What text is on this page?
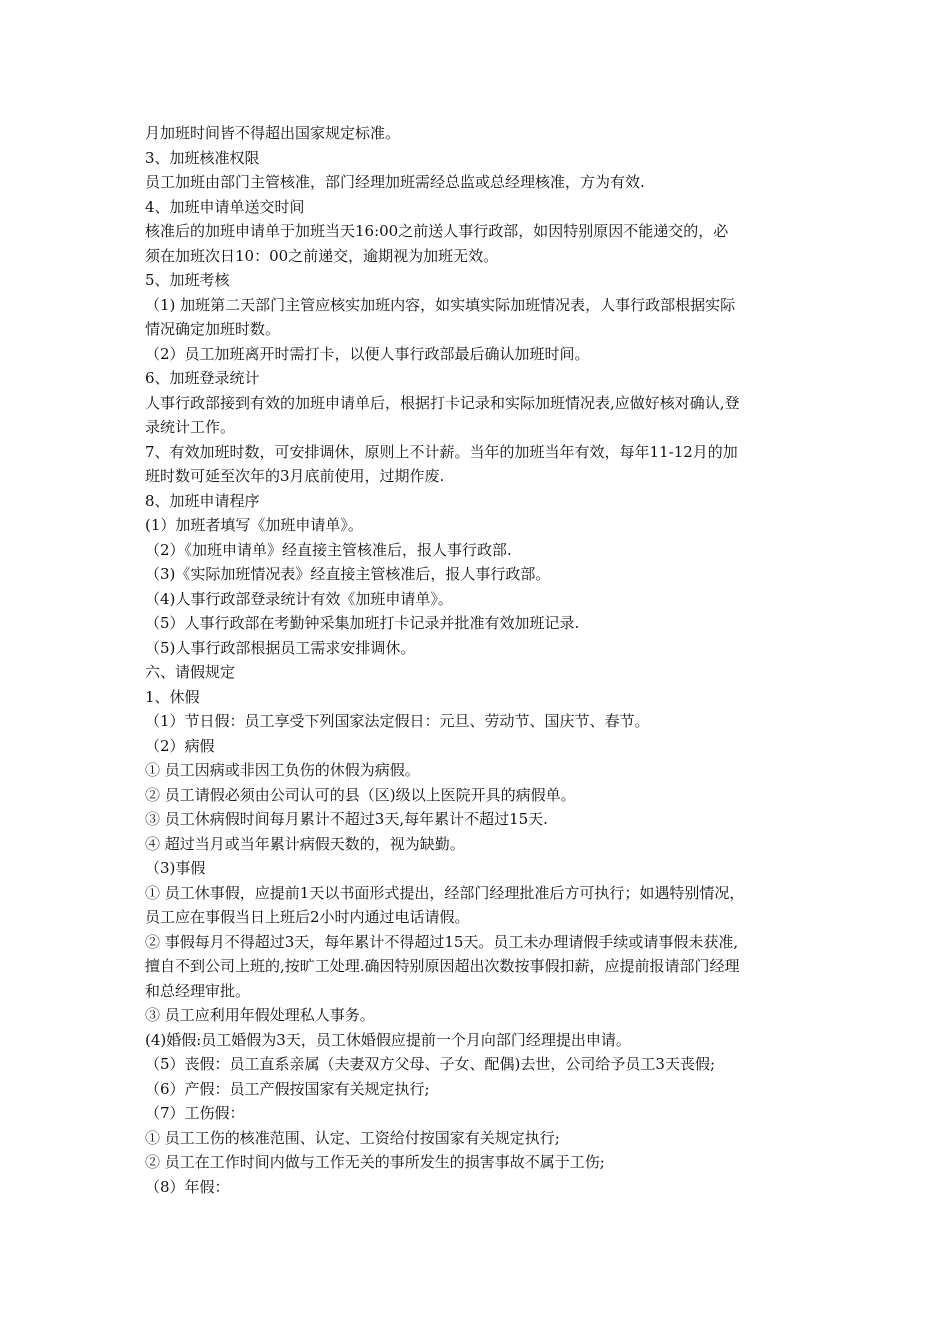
月加班时间皆不得超出国家规定标准。
3、加班核准权限
员工加班由部门主管核准，部门经理加班需经总监或总经理核准，方为有效.
4、加班申请单送交时间
核准后的加班申请单于加班当天16:00之前送人事行政部，如因特别原因不能递交的，必
须在加班次日10：00之前递交，逾期视为加班无效。
5、加班考核
（1) 加班第二天部门主管应核实加班内容，如实填实际加班情况表，人事行政部根据实际
情况确定加班时数。
（2）员工加班离开时需打卡，以便人事行政部最后确认加班时间。
6、加班登录统计
人事行政部接到有效的加班申请单后，根据打卡记录和实际加班情况表,应做好核对确认,登
录统计工作。
7、有效加班时数，可安排调休，原则上不计薪。当年的加班当年有效，每年11-12月的加
班时数可延至次年的3月底前使用，过期作废.
8、加班申请程序
(1）加班者填写《加班申请单》。
（2）《加班申请单》经直接主管核准后，报人事行政部.
（3)《实际加班情况表》经直接主管核准后，报人事行政部。
（4)人事行政部登录统计有效《加班申请单》。
（5）人事行政部在考勤钟采集加班打卡记录并批准有效加班记录.
（5)人事行政部根据员工需求安排调休。
六、请假规定
1、休假
（1）节日假：员工享受下列国家法定假日：元旦、劳动节、国庆节、春节。
（2）病假
① 员工因病或非因工负伤的休假为病假。
② 员工请假必须由公司认可的县（区)级以上医院开具的病假单。
③ 员工休病假时间每月累计不超过3天,每年累计不超过15天.
④ 超过当月或当年累计病假天数的，视为缺勤。
（3)事假
① 员工休事假，应提前1天以书面形式提出，经部门经理批准后方可执行；如遇特别情况，
员工应在事假当日上班后2小时内通过电话请假。
② 事假每月不得超过3天，每年累计不得超过15天。员工未办理请假手续或请事假未获准,
擅自不到公司上班的,按旷工处理.确因特别原因超出次数按事假扣薪，应提前报请部门经理
和总经理审批。
③ 员工应利用年假处理私人事务。
(4)婚假:员工婚假为3天，员工休婚假应提前一个月向部门经理提出申请。
（5）丧假：员工直系亲属（夫妻双方父母、子女、配偶)去世，公司给予员工3天丧假;
（6）产假：员工产假按国家有关规定执行;
（7）工伤假：
① 员工工伤的核准范围、认定、工资给付按国家有关规定执行;
② 员工在工作时间内做与工作无关的事所发生的损害事故不属于工伤;
（8）年假：
